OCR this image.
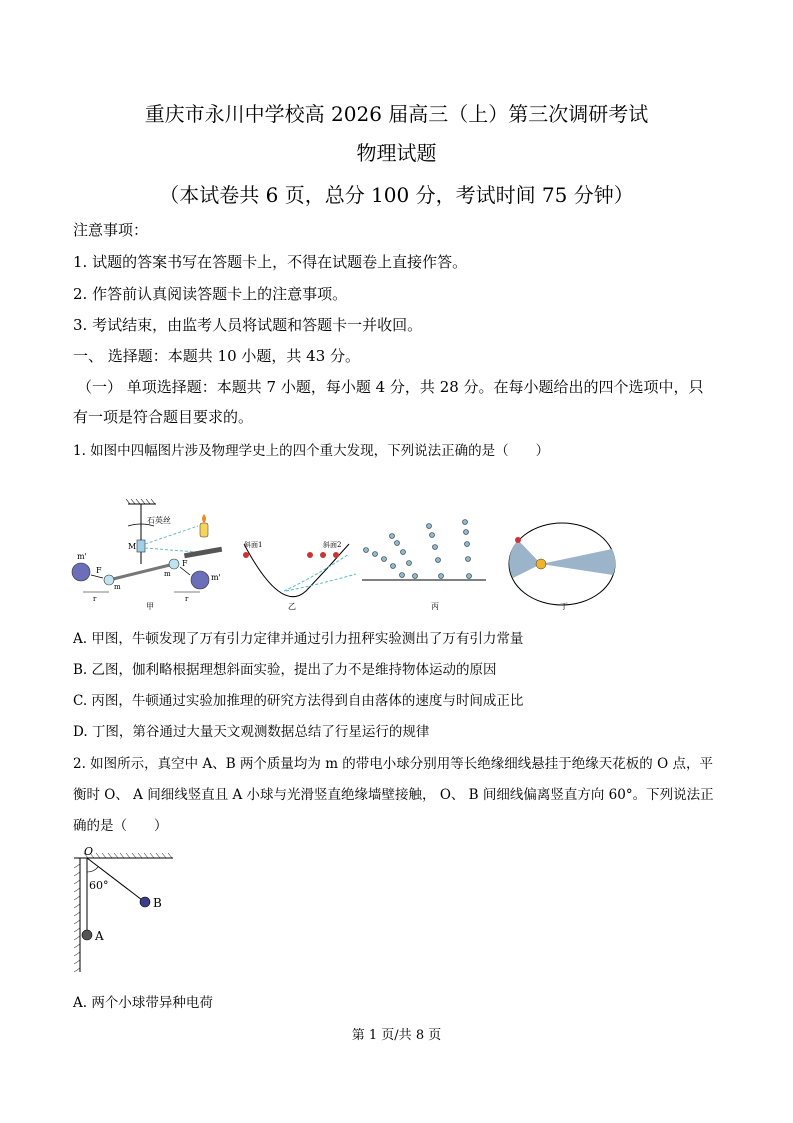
重庆市永川中学校高 2026 届高三（上）第三次调研考试
物理试题
（本试卷共 6 页，总分 100 分，考试时间 75 分钟）
注意事项：
1. 试题的答案书写在答题卡上，不得在试题卷上直接作答。
2. 作答前认真阅读答题卡上的注意事项。
3. 考试结束，由监考人员将试题和答题卡一并收回。
一、 选择题：本题共 10 小题，共 43 分。
（一） 单项选择题：本题共 7 小题，每小题 4 分，共 28 分。在每小题给出的四个选项中，只
有一项是符合题目要求的。
1. 如图中四幅图片涉及物理学史上的四个重大发现，下列说法正确的是（　　）
石英丝
M
m'
m'
F
F
m
m
r	r
甲
斜面1	斜面2
乙	丙	丁
A. 甲图，牛顿发现了万有引力定律并通过引力扭秤实验测出了万有引力常量
B. 乙图，伽利略根据理想斜面实验，提出了力不是维持物体运动的原因
C. 丙图，牛顿通过实验加推理的研究方法得到自由落体的速度与时间成正比
D. 丁图，第谷通过大量天文观测数据总结了行星运行的规律
2. 如图所示，真空中 A、B 两个质量均为 m 的带电小球分别用等长绝缘细线悬挂于绝缘天花板的 O 点，平
衡时 O、 A 间细线竖直且 A 小球与光滑竖直绝缘墙壁接触， O、 B 间细线偏离竖直方向 60°。下列说法正
确的是（　　）
O
60°
A
B
A. 两个小球带异种电荷
第 1 页/共 8 页
